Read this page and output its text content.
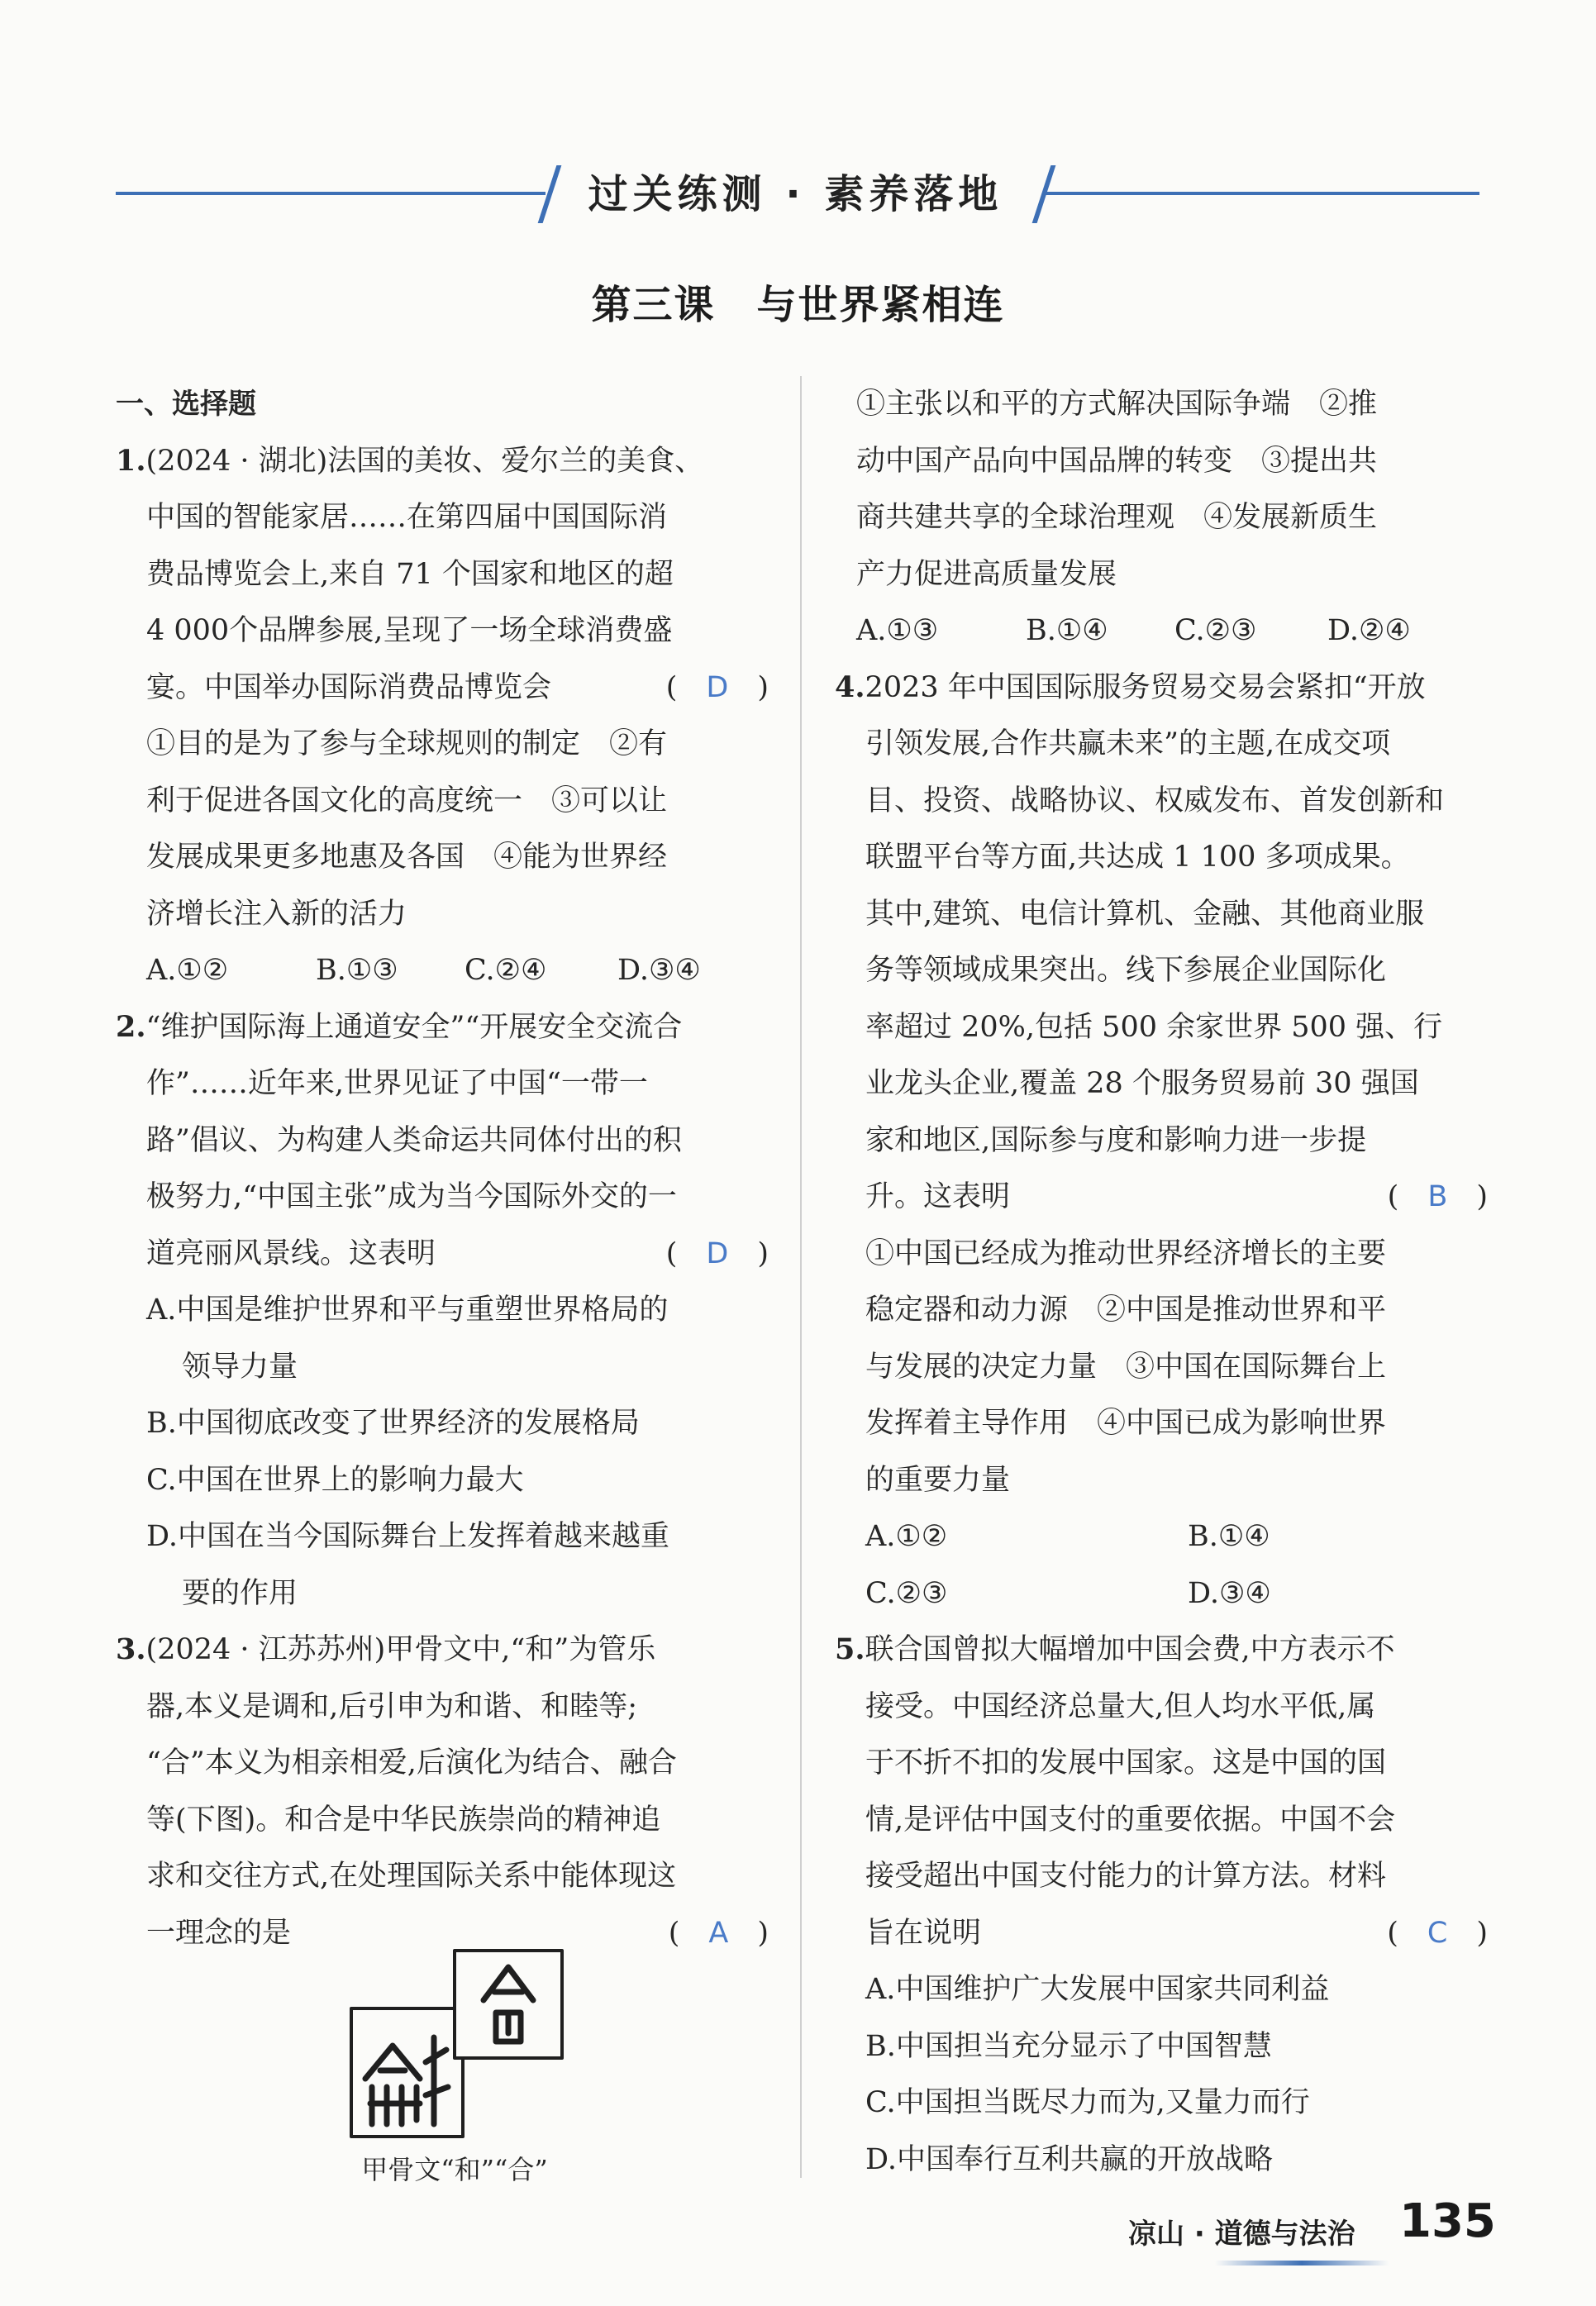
过关练测 · 素养落地
第三课　与世界紧相连
一、选择题
1.(2024 · 湖北)法国的美妆、爱尔兰的美食、
中国的智能家居……在第四届中国国际消
费品博览会上,来自 71 个国家和地区的超
4 000个品牌参展,呈现了一场全球消费盛
宴。中国举办国际消费品博览会	(　D　)
①目的是为了参与全球规则的制定　②有
利于促进各国文化的高度统一　③可以让
发展成果更多地惠及各国　④能为世界经
济增长注入新的活力
A.①②	B.①③	C.②④	D.③④
2.“维护国际海上通道安全”“开展安全交流合
作”……近年来,世界见证了中国“一带一
路”倡议、为构建人类命运共同体付出的积
极努力,“中国主张”成为当今国际外交的一
道亮丽风景线。这表明	(　D　)
A.中国是维护世界和平与重塑世界格局的
领导力量
B.中国彻底改变了世界经济的发展格局
C.中国在世界上的影响力最大
D.中国在当今国际舞台上发挥着越来越重
要的作用
3.(2024 · 江苏苏州)甲骨文中,“和”为管乐
器,本义是调和,后引申为和谐、和睦等;
“合”本义为相亲相爱,后演化为结合、融合
等(下图)。和合是中华民族崇尚的精神追
求和交往方式,在处理国际关系中能体现这
一理念的是	(　A　)
甲骨文“和”“合”
①主张以和平的方式解决国际争端　②推
动中国产品向中国品牌的转变　③提出共
商共建共享的全球治理观　④发展新质生
产力促进高质量发展
A.①③	B.①④	C.②③	D.②④
4.2023 年中国国际服务贸易交易会紧扣“开放
引领发展,合作共赢未来”的主题,在成交项
目、投资、战略协议、权威发布、首发创新和
联盟平台等方面,共达成 1 100 多项成果。
其中,建筑、电信计算机、金融、其他商业服
务等领域成果突出。线下参展企业国际化
率超过 20%,包括 500 余家世界 500 强、行
业龙头企业,覆盖 28 个服务贸易前 30 强国
家和地区,国际参与度和影响力进一步提
升。这表明	(　B　)
①中国已经成为推动世界经济增长的主要
稳定器和动力源　②中国是推动世界和平
与发展的决定力量　③中国在国际舞台上
发挥着主导作用　④中国已成为影响世界
的重要力量
A.①②	B.①④
C.②③	D.③④
5.联合国曾拟大幅增加中国会费,中方表示不
接受。中国经济总量大,但人均水平低,属
于不折不扣的发展中国家。这是中国的国
情,是评估中国支付的重要依据。中国不会
接受超出中国支付能力的计算方法。材料
旨在说明	(　C　)
A.中国维护广大发展中国家共同利益
B.中国担当充分显示了中国智慧
C.中国担当既尽力而为,又量力而行
D.中国奉行互利共赢的开放战略
凉山 · 道德与法治 135
